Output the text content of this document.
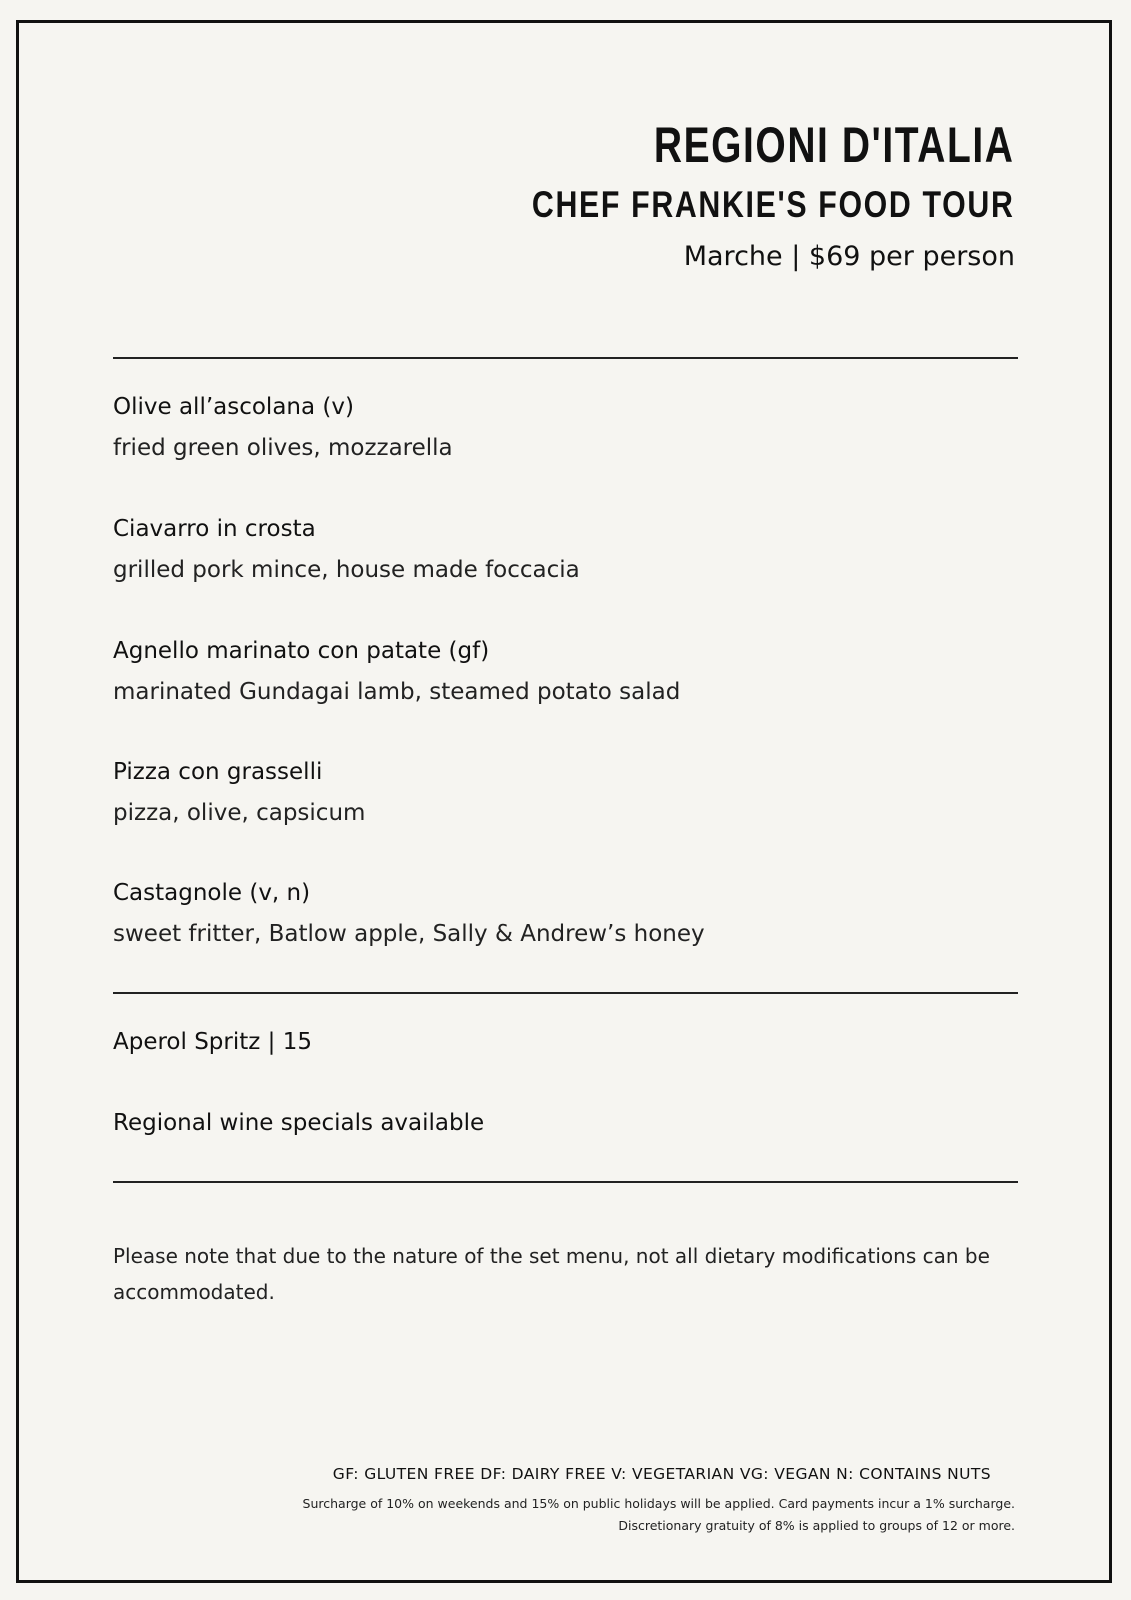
REGIONI D'ITALIA
CHEF FRANKIE'S FOOD TOUR
Marche | $69 per person
Olive all’ascolana (v)
fried green olives, mozzarella
Ciavarro in crosta
grilled pork mince, house made foccacia
Agnello marinato con patate (gf)
marinated Gundagai lamb, steamed potato salad
Pizza con grasselli
pizza, olive, capsicum
Castagnole (v, n)
sweet fritter, Batlow apple, Sally & Andrew’s honey
Aperol Spritz | 15
Regional wine specials available
Please note that due to the nature of the set menu, not all dietary modifications can be accommodated.
GF: GLUTEN FREE DF: DAIRY FREE V: VEGETARIAN VG: VEGAN N: CONTAINS NUTS
Surcharge of 10% on weekends and 15% on public holidays will be applied. Card payments incur a 1% surcharge.
Discretionary gratuity of 8% is applied to groups of 12 or more.
